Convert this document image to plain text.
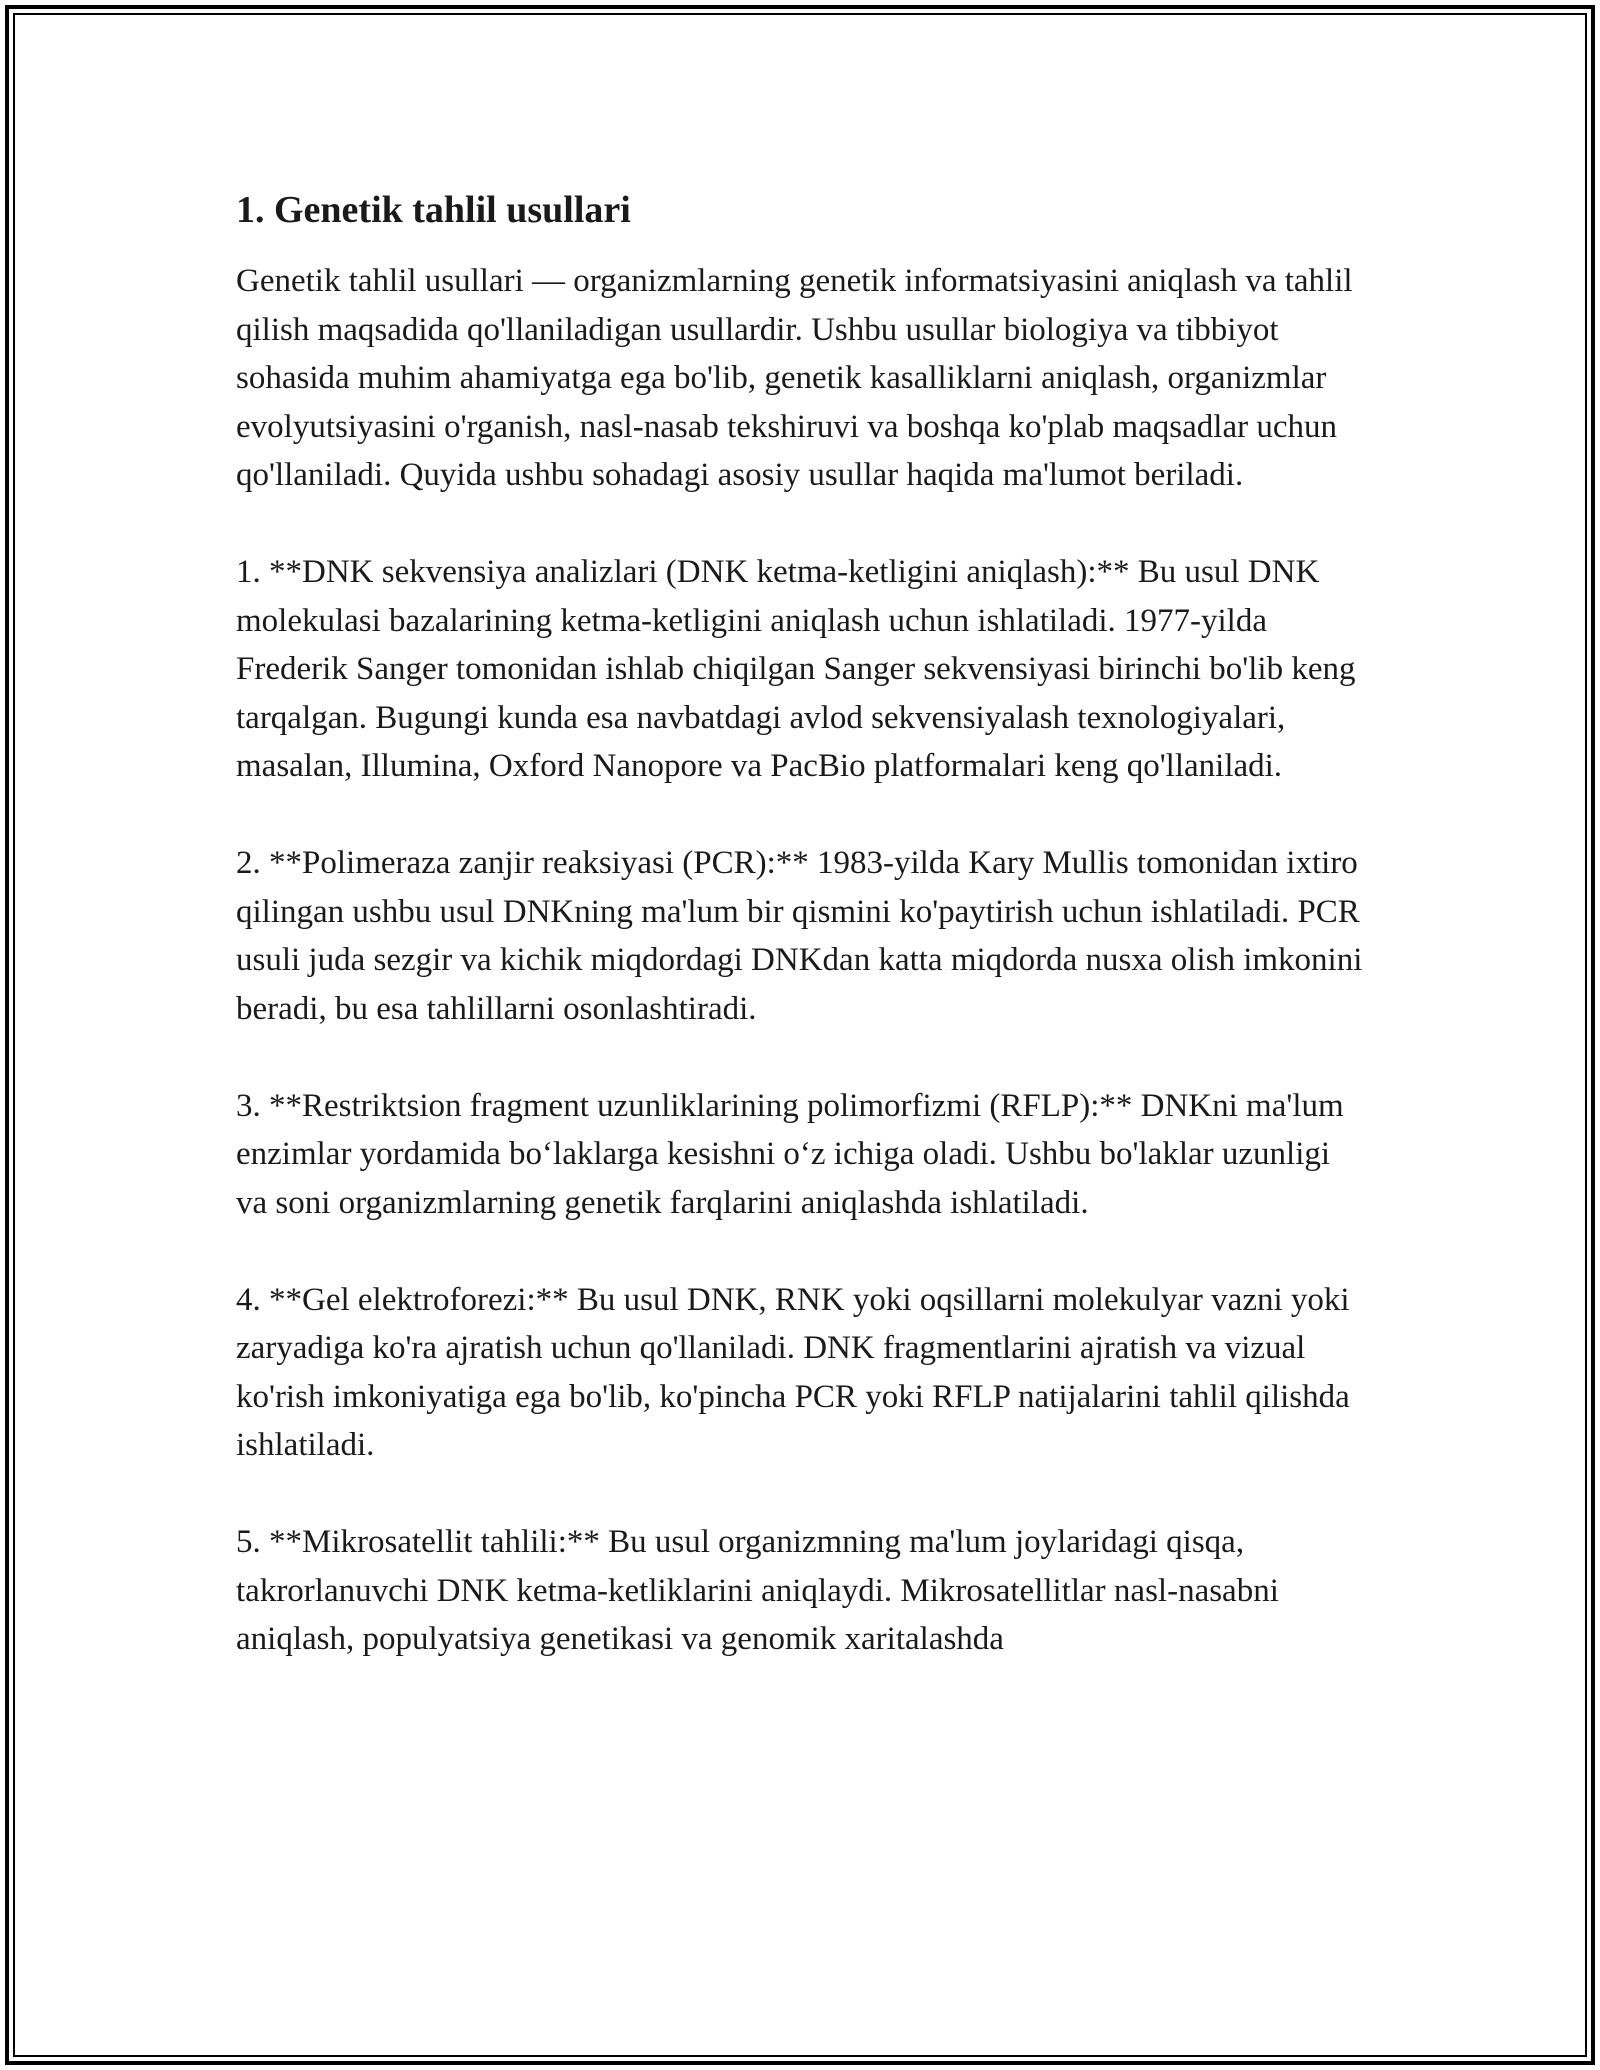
1. Genetik tahlil usullari

Genetik tahlil usullari — organizmlarning genetik informatsiyasini aniqlash va tahlil qilish maqsadida qo'llaniladigan usullardir. Ushbu usullar biologiya va tibbiyot sohasida muhim ahamiyatga ega bo'lib, genetik kasalliklarni aniqlash, organizmlar evolyutsiyasini o'rganish, nasl-nasab tekshiruvi va boshqa ko'plab maqsadlar uchun qo'llaniladi. Quyida ushbu sohadagi asosiy usullar haqida ma'lumot beriladi.

1. **DNK sekvensiya analizlari (DNK ketma-ketligini aniqlash):** Bu usul DNK molekulasi bazalarining ketma-ketligini aniqlash uchun ishlatiladi. 1977-yilda Frederik Sanger tomonidan ishlab chiqilgan Sanger sekvensiyasi birinchi bo'lib keng tarqalgan. Bugungi kunda esa navbatdagi avlod sekvensiyalash texnologiyalari, masalan, Illumina, Oxford Nanopore va PacBio platformalari keng qo'llaniladi.

2. **Polimeraza zanjir reaksiyasi (PCR):** 1983-yilda Kary Mullis tomonidan ixtiro qilingan ushbu usul DNKning ma'lum bir qismini ko'paytirish uchun ishlatiladi. PCR usuli juda sezgir va kichik miqdordagi DNKdan katta miqdorda nusxa olish imkonini beradi, bu esa tahlillarni osonlashtiradi.

3. **Restriktsion fragment uzunliklarining polimorfizmi (RFLP):** DNKni ma'lum enzimlar yordamida bo‘laklarga kesishni o‘z ichiga oladi. Ushbu bo'laklar uzunligi va soni organizmlarning genetik farqlarini aniqlashda ishlatiladi.

4. **Gel elektroforezi:** Bu usul DNK, RNK yoki oqsillarni molekulyar vazni yoki zaryadiga ko'ra ajratish uchun qo'llaniladi. DNK fragmentlarini ajratish va vizual ko'rish imkoniyatiga ega bo'lib, ko'pincha PCR yoki RFLP natijalarini tahlil qilishda ishlatiladi.

5. **Mikrosatellit tahlili:** Bu usul organizmning ma'lum joylaridagi qisqa, takrorlanuvchi DNK ketma-ketliklarini aniqlaydi. Mikrosatellitlar nasl-nasabni aniqlash, populyatsiya genetikasi va genomik xaritalashda
